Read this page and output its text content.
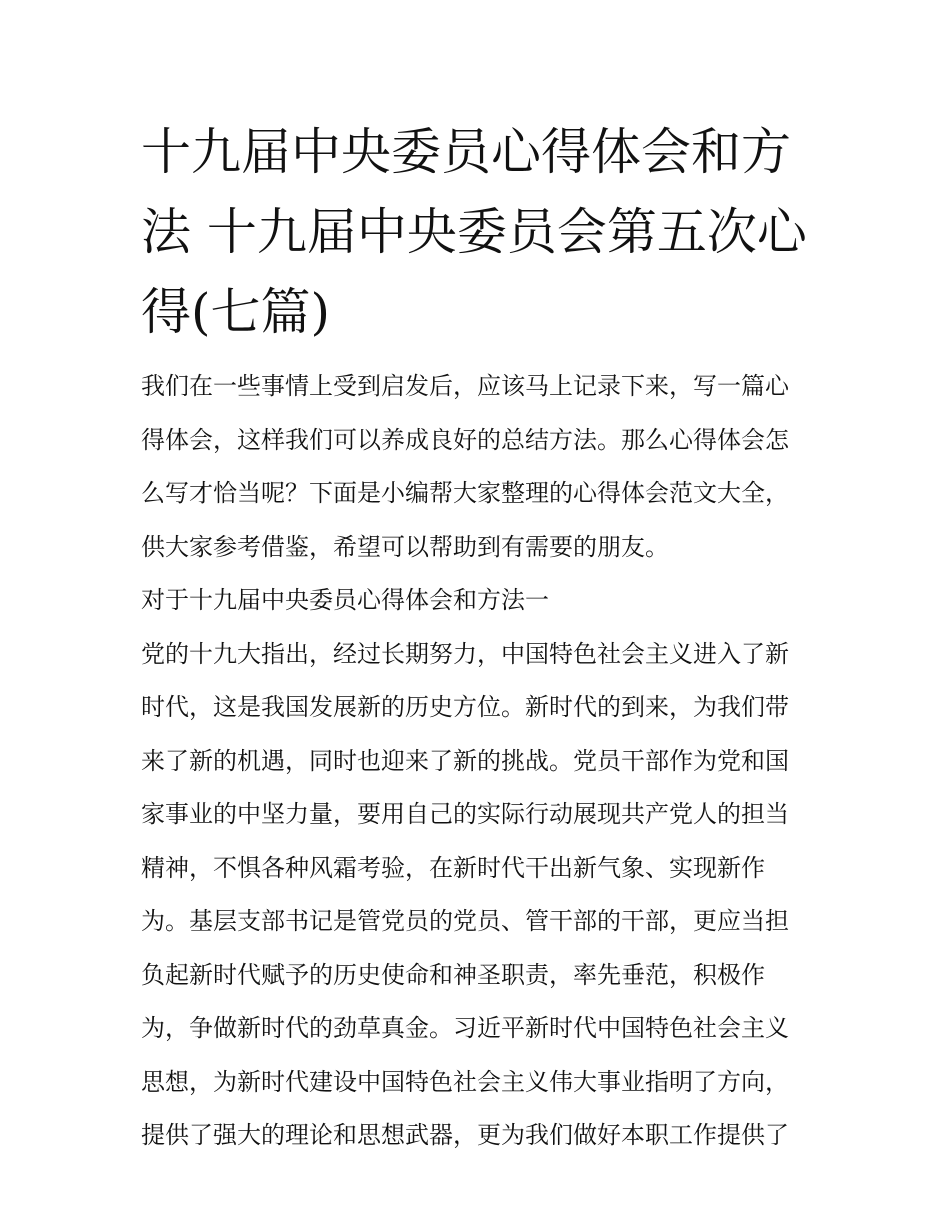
十九届中央委员心得体会和方
法 十九届中央委员会第五次心
得(七篇)
我们在一些事情上受到启发后，应该马上记录下来，写一篇心
得体会，这样我们可以养成良好的总结方法。那么心得体会怎
么写才恰当呢？下面是小编帮大家整理的心得体会范文大全，
供大家参考借鉴，希望可以帮助到有需要的朋友。
对于十九届中央委员心得体会和方法一
党的十九大指出，经过长期努力，中国特色社会主义进入了新
时代，这是我国发展新的历史方位。新时代的到来，为我们带
来了新的机遇，同时也迎来了新的挑战。党员干部作为党和国
家事业的中坚力量，要用自己的实际行动展现共产党人的担当
精神，不惧各种风霜考验，在新时代干出新气象、实现新作
为。基层支部书记是管党员的党员、管干部的干部，更应当担
负起新时代赋予的历史使命和神圣职责，率先垂范，积极作
为，争做新时代的劲草真金。习近平新时代中国特色社会主义
思想，为新时代建设中国特色社会主义伟大事业指明了方向，
提供了强大的理论和思想武器，更为我们做好本职工作提供了
